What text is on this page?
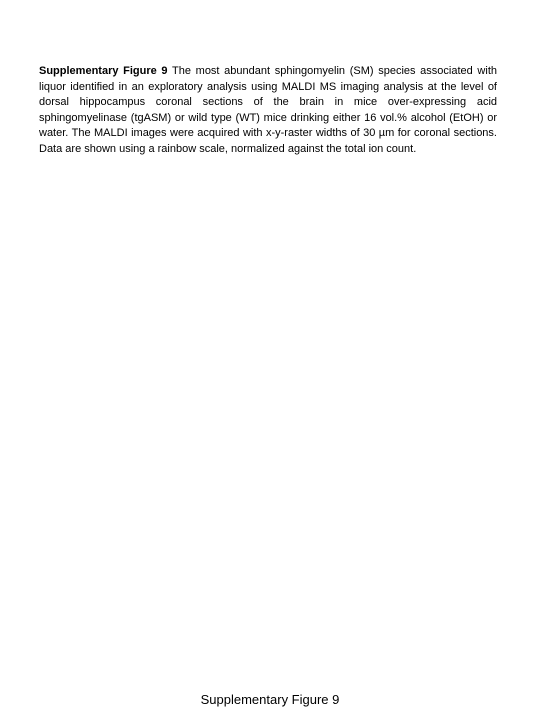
Supplementary Figure 9 The most abundant sphingomyelin (SM) species associated with liquor identified in an exploratory analysis using MALDI MS imaging analysis at the level of dorsal hippocampus coronal sections of the brain in mice over-expressing acid sphingomyelinase (tgASM) or wild type (WT) mice drinking either 16 vol.% alcohol (EtOH) or water. The MALDI images were acquired with x-y-raster widths of 30 µm for coronal sections. Data are shown using a rainbow scale, normalized against the total ion count.

Supplementary Figure 9
